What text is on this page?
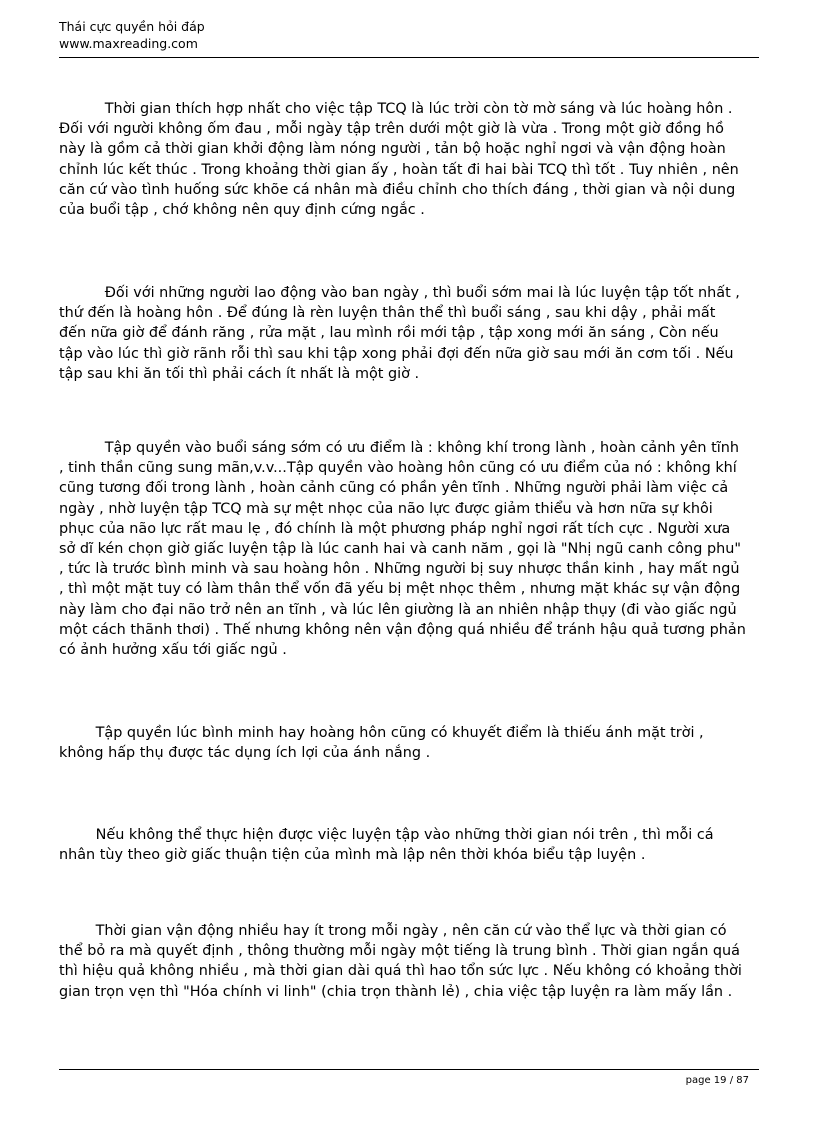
Thái cực quyền hỏi đáp
www.maxreading.com

Thời gian thích hợp nhất cho việc tập TCQ là lúc trời còn tờ mờ sáng và lúc hoàng hôn .
Đối với người không ốm đau , mỗi ngày tập trên dưới một giờ là vừa . Trong một giờ đồng hồ
này là gồm cả thời gian khởi động làm nóng người , tản bộ hoặc nghỉ ngơi và vận động hoàn
chỉnh lúc kết thúc . Trong khoảng thời gian ấy , hoàn tất đi hai bài TCQ thì tốt . Tuy nhiên , nên
căn cứ vào tình huống sức khõe cá nhân mà điều chỉnh cho thích đáng , thời gian và nội dung
của buổi tập , chớ không nên quy định cứng ngắc .

Đối với những người lao động vào ban ngày , thì buổi sớm mai là lúc luyện tập tốt nhất ,
thứ đến là hoàng hôn . Để đúng là rèn luyện thân thể thì buổi sáng , sau khi dậy , phải mất
đến nữa giờ để đánh răng , rửa mặt , lau mình rồi mới tập , tập xong mới ăn sáng , Còn nếu
tập vào lúc thì giờ rãnh rỗi thì sau khi tập xong phải đợi đến nữa giờ sau mới ăn cơm tối . Nếu
tập sau khi ăn tối thì phải cách ít nhất là một giờ .

Tập quyền vào buổi sáng sớm có ưu điểm là : không khí trong lành , hoàn cảnh yên tĩnh
, tinh thần cũng sung mãn,v.v...Tập quyền vào hoàng hôn cũng có ưu điểm của nó : không khí
cũng tương đối trong lành , hoàn cảnh cũng có phần yên tĩnh . Những người phải làm việc cả
ngày , nhờ luyện tập TCQ mà sự mệt nhọc của não lực được giảm thiểu và hơn nữa sự khôi
phục của não lực rất mau lẹ , đó chính là một phương pháp nghỉ ngơi rất tích cực . Người xưa
sở dĩ kén chọn giờ giấc luyện tập là lúc canh hai và canh năm , gọi là "Nhị ngũ canh công phu"
, tức là trước bình minh và sau hoàng hôn . Những người bị suy nhược thần kinh , hay mất ngủ
, thì một mặt tuy có làm thân thể vốn đã yếu bị mệt nhọc thêm , nhưng mặt khác sự vận động
này làm cho đại não trở nên an tĩnh , và lúc lên giường là an nhiên nhập thụy (đi vào giấc ngủ
một cách thãnh thơi) . Thế nhưng không nên vận động quá nhiều để tránh hậu quả tương phản
có ảnh hưởng xấu tới giấc ngủ .

Tập quyền lúc bình minh hay hoàng hôn cũng có khuyết điểm là thiếu ánh mặt trời ,
không hấp thụ được tác dụng ích lợi của ánh nắng .

Nếu không thể thực hiện được việc luyện tập vào những thời gian nói trên , thì mỗi cá
nhân tùy theo giờ giấc thuận tiện của mình mà lập nên thời khóa biểu tập luyện .

Thời gian vận động nhiều hay ít trong mỗi ngày , nên căn cứ vào thể lực và thời gian có
thể bỏ ra mà quyết định , thông thường mỗi ngày một tiếng là trung bình . Thời gian ngắn quá
thì hiệu quả không nhiều , mà thời gian dài quá thì hao tổn sức lực . Nếu không có khoảng thời
gian trọn vẹn thì "Hóa chính vi linh" (chia trọn thành lẻ) , chia việc tập luyện ra làm mấy lần .

page 19 / 87
